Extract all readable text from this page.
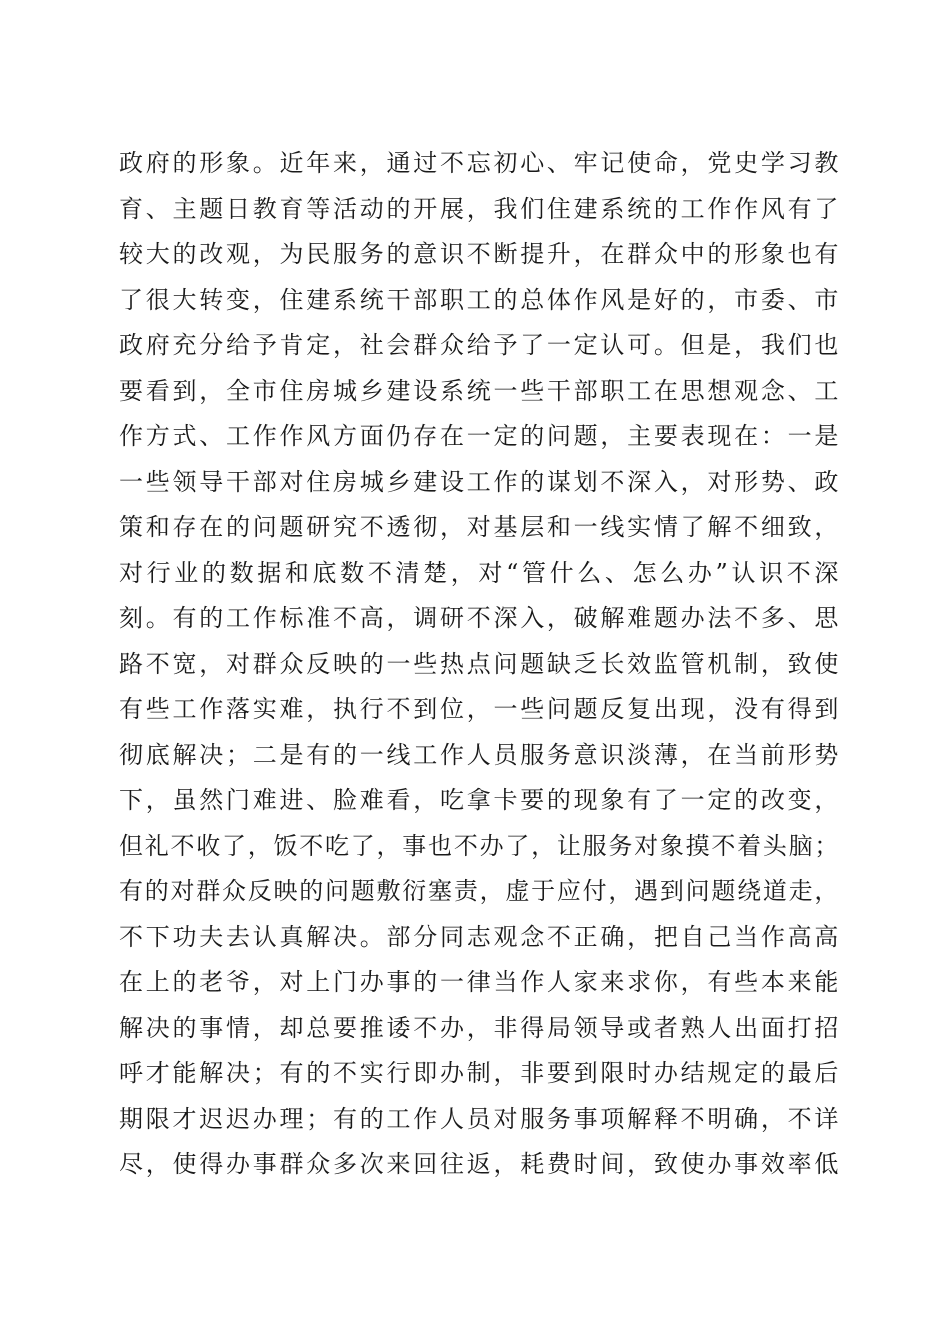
政府的形象。近年来，通过不忘初心、牢记使命，党史学习教
育、主题日教育等活动的开展，我们住建系统的工作作风有了
较大的改观，为民服务的意识不断提升，在群众中的形象也有
了很大转变，住建系统干部职工的总体作风是好的，市委、市
政府充分给予肯定，社会群众给予了一定认可。但是，我们也
要看到，全市住房城乡建设系统一些干部职工在思想观念、工
作方式、工作作风方面仍存在一定的问题，主要表现在：一是
一些领导干部对住房城乡建设工作的谋划不深入，对形势、政
策和存在的问题研究不透彻，对基层和一线实情了解不细致，
对行业的数据和底数不清楚，对“管什么、怎么办”认识不深
刻。有的工作标准不高，调研不深入，破解难题办法不多、思
路不宽，对群众反映的一些热点问题缺乏长效监管机制，致使
有些工作落实难，执行不到位，一些问题反复出现，没有得到
彻底解决；二是有的一线工作人员服务意识淡薄，在当前形势
下，虽然门难进、脸难看，吃拿卡要的现象有了一定的改变，
但礼不收了，饭不吃了，事也不办了，让服务对象摸不着头脑；
有的对群众反映的问题敷衍塞责，虚于应付，遇到问题绕道走，
不下功夫去认真解决。部分同志观念不正确，把自己当作高高
在上的老爷，对上门办事的一律当作人家来求你，有些本来能
解决的事情，却总要推诿不办，非得局领导或者熟人出面打招
呼才能解决；有的不实行即办制，非要到限时办结规定的最后
期限才迟迟办理；有的工作人员对服务事项解释不明确，不详
尽，使得办事群众多次来回往返，耗费时间，致使办事效率低
